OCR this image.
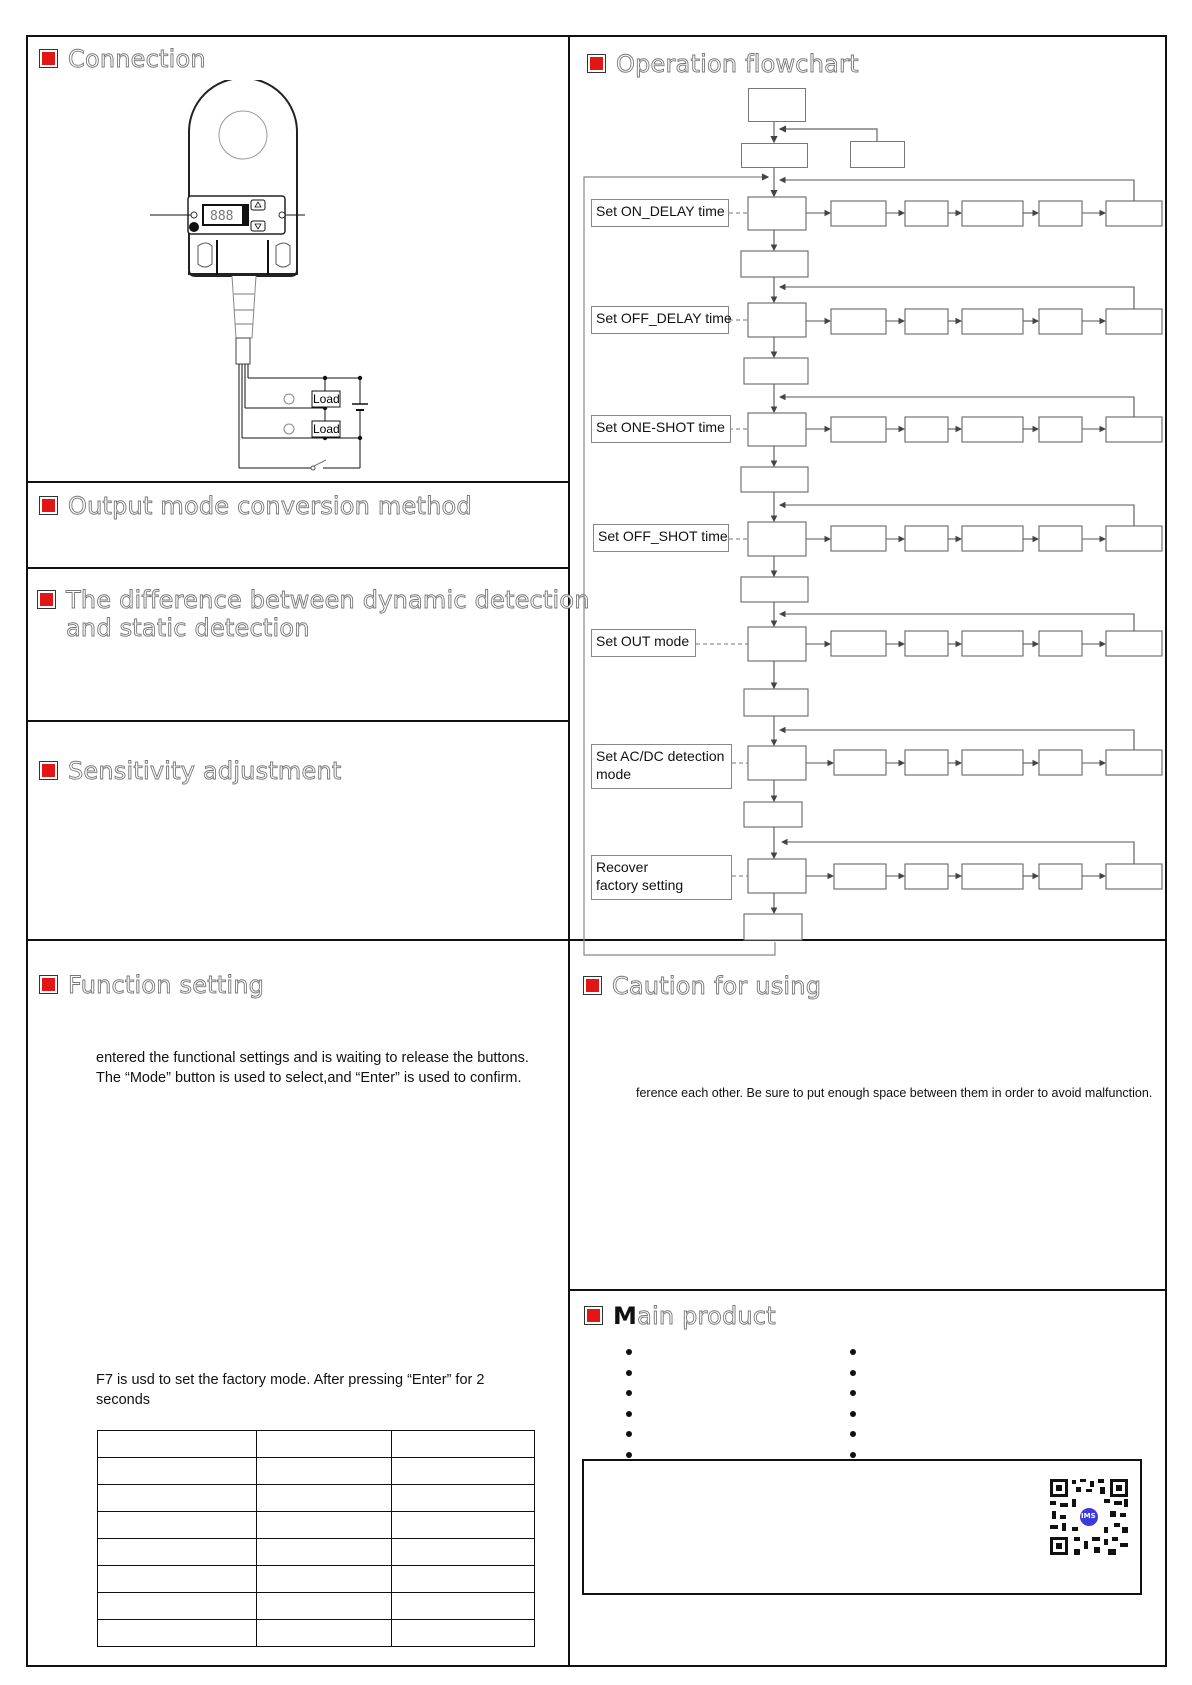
Connection
888
Load
Load
Output mode conversion method
The difference between dynamic detection
and static detection
Sensitivity adjustment
Function setting
entered the functional settings and is waiting to release the buttons.
The “Mode” button is used to select,and “Enter” is used to confirm.
F7 is usd to set the factory mode. After pressing “Enter” for 2
seconds

Operation flowchart
Set ON_DELAY time
Set OFF_DELAY time
Set ONE-SHOT time
Set OFF_SHOT time
Set OUT mode
Set AC/DC detection mode
Recover factory setting
Caution for using
ference each other. Be sure to put enough space between them in order to avoid malfunction.
Main product
IMS
